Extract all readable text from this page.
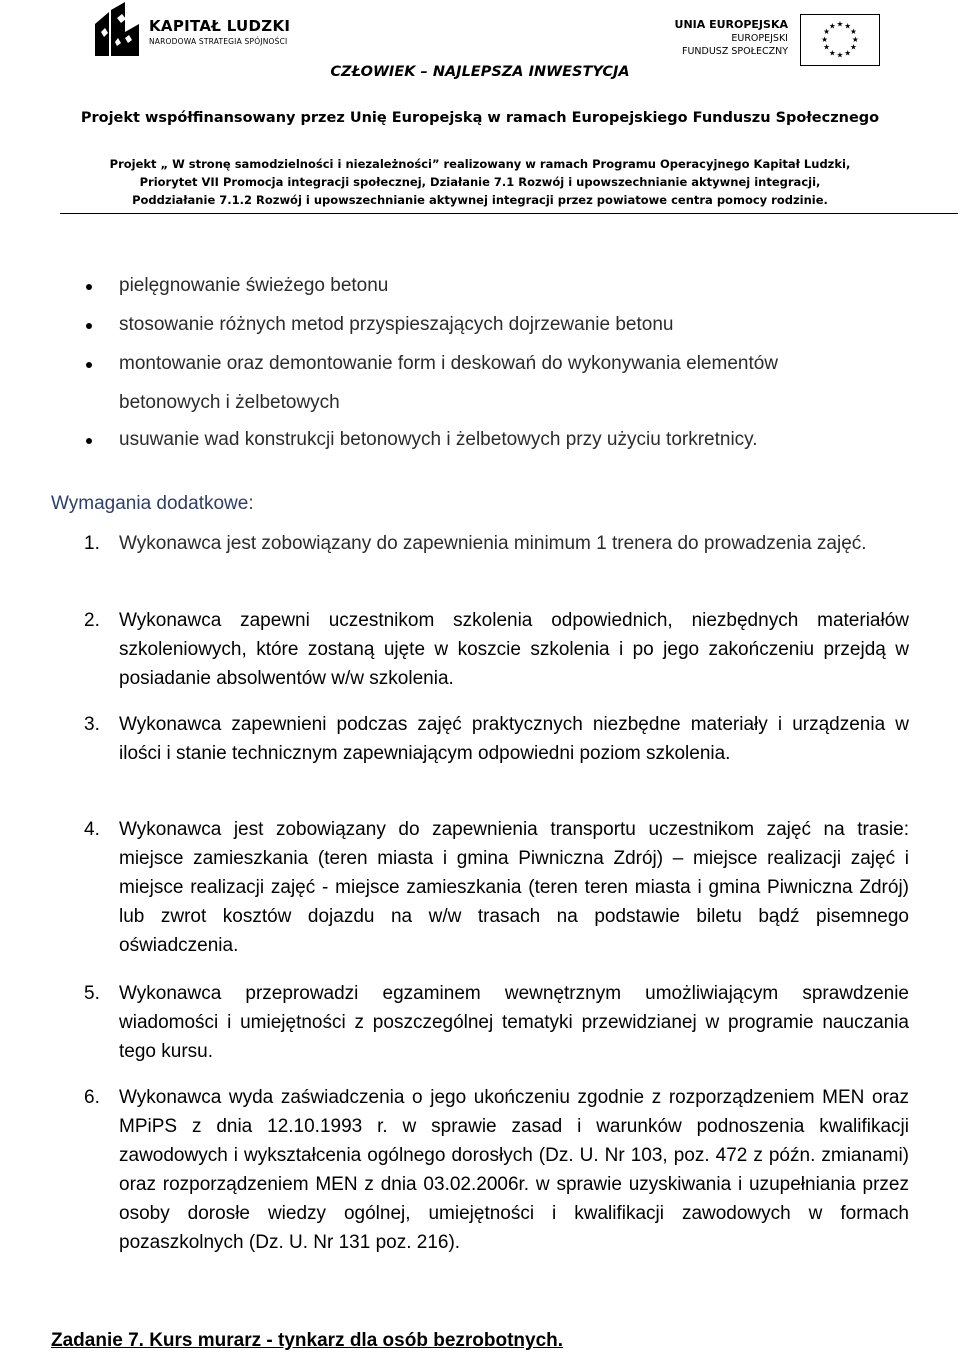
KAPITAŁ LUDZKI
NARODOWA STRATEGIA SPÓJNOŚCI
UNIA EUROPEJSKA
EUROPEJSKI
FUNDUSZ SPOŁECZNY
★ ★
★
★
★
★
★
★
★
★
★
★
CZŁOWIEK – NAJLEPSZA INWESTYCJA
Projekt współfinansowany przez Unię Europejską w ramach Europejskiego Funduszu Społecznego
Projekt „ W stronę samodzielności i niezależności” realizowany w ramach Programu Operacyjnego Kapitał Ludzki,
Priorytet VII Promocja integracji społecznej, Działanie 7.1 Rozwój i upowszechnianie aktywnej integracji,
Poddziałanie 7.1.2 Rozwój i upowszechnianie aktywnej integracji przez powiatowe centra pomocy rodzinie.
pielęgnowanie świeżego betonu
stosowanie różnych metod przyspieszających dojrzewanie betonu
montowanie oraz demontowanie form i deskowań do wykonywania elementów
betonowych i żelbetowych
usuwanie wad konstrukcji betonowych i żelbetowych przy użyciu torkretnicy.
Wymagania dodatkowe:
1. Wykonawca jest zobowiązany do zapewnienia minimum 1 trenera do prowadzenia zajęć.
2. Wykonawca zapewni uczestnikom szkolenia odpowiednich, niezbędnych materiałów szkoleniowych, które zostaną ujęte w koszcie szkolenia i po jego zakończeniu przejdą w posiadanie absolwentów w/w szkolenia.
3. Wykonawca zapewnieni podczas zajęć praktycznych niezbędne materiały i urządzenia w ilości i stanie technicznym zapewniającym odpowiedni poziom szkolenia.
4. Wykonawca jest zobowiązany do zapewnienia transportu uczestnikom zajęć na trasie: miejsce zamieszkania (teren miasta i gmina Piwniczna Zdrój) – miejsce realizacji zajęć i miejsce realizacji zajęć - miejsce zamieszkania (teren teren miasta i gmina Piwniczna Zdrój) lub zwrot kosztów dojazdu na w/w trasach na podstawie biletu bądź pisemnego oświadczenia.
5. Wykonawca przeprowadzi egzaminem wewnętrznym umożliwiającym sprawdzenie wiadomości i umiejętności z poszczególnej tematyki przewidzianej w programie nauczania tego kursu.
6. Wykonawca wyda zaświadczenia o jego ukończeniu zgodnie z rozporządzeniem MEN oraz MPiPS z dnia 12.10.1993 r. w sprawie zasad i warunków podnoszenia kwalifikacji zawodowych i wykształcenia ogólnego dorosłych (Dz. U. Nr 103, poz. 472 z późn. zmianami) oraz rozporządzeniem MEN z dnia 03.02.2006r. w sprawie uzyskiwania i uzupełniania przez osoby dorosłe wiedzy ogólnej, umiejętności i kwalifikacji zawodowych w formach pozaszkolnych (Dz. U. Nr 131 poz. 216).
Zadanie 7. Kurs murarz - tynkarz dla osób bezrobotnych.
